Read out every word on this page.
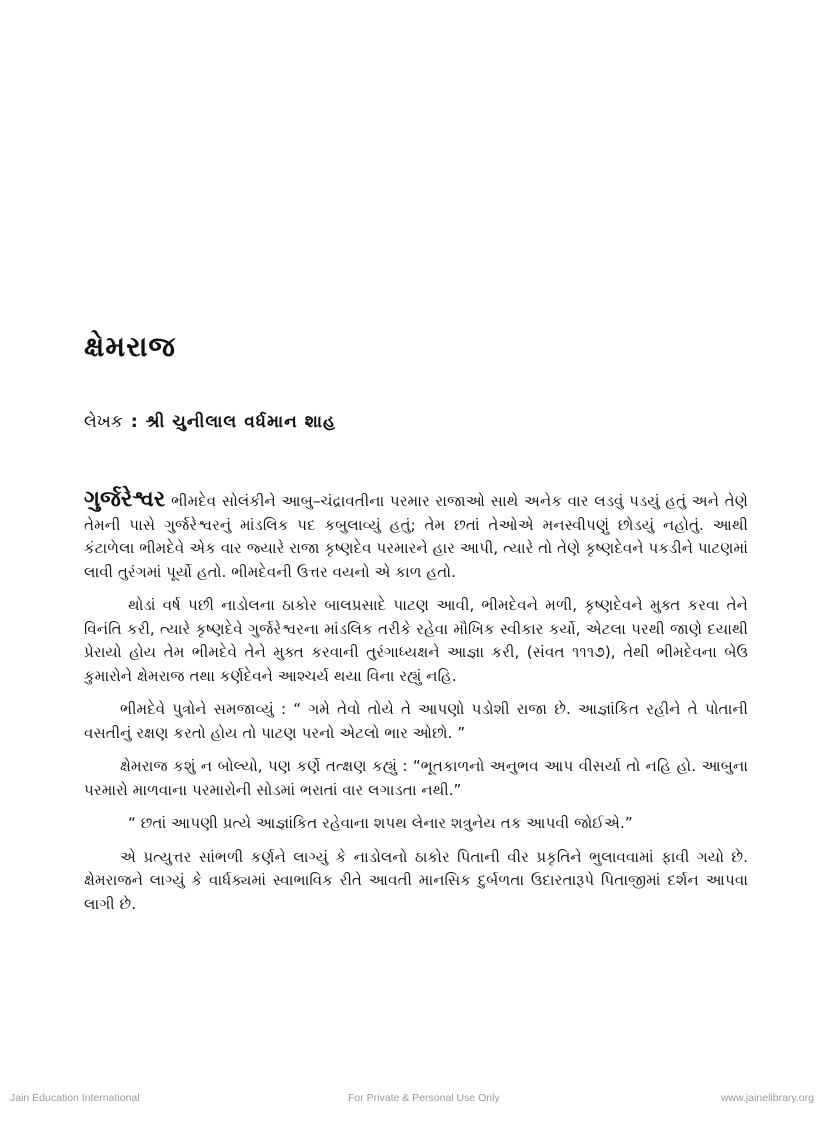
ક્ષેમરાજ
લેખક : શ્રી ચુનીલાલ વર્ધમાન શાહ

ગુર્જરેશ્વર ભીમદેવ સોલંકીને આબુ–ચંદ્રાવતીના પરમાર રાજાઓ સાથે અનેક વાર લડવું પડયું હતું અને તેણે તેમની પાસે ગુર્જરેશ્વરનું માંડલિક પદ કબુલાવ્યું હતું; તેમ છતાં તેઓએ મનસ્વીપણું છોડયું નહોતું. આથી કંટાળેલા ભીમદેવે એક વાર જ્યારે રાજા કૃષ્ણદેવ પરમારને હાર આપી, ત્યારે તો તેણે કૃષ્ણદેવને પકડીને પાટણમાં લાવી તુરંગમાં પૂર્યો હતો. ભીમદેવની ઉત્તર વયનો એ કાળ હતો.

થોડાં વર્ષ પછી નાડોલના ઠાકોર બાલપ્રસાદે પાટણ આવી, ભીમદેવને મળી, કૃષ્ણદેવને મુક્ત કરવા તેને વિનંતિ કરી, ત્યારે કૃષ્ણદેવે ગુર્જરેશ્વરના માંડલિક તરીકે રહેવા મૌખિક સ્વીકાર કર્યો, એટલા પરથી જાણે દયાથી પ્રેરાયો હોય તેમ ભીમદેવે તેને મુક્ત કરવાની તુરંગાધ્યક્ષને આજ્ઞા કરી, (સંવત ૧૧૧૭), તેથી ભીમદેવના બેઉ કુમારોને ક્ષેમરાજ તથા કર્ણદેવને આશ્ચર્ય થયા વિના રહ્યું નહિ.

ભીમદેવે પુત્રોને સમજાવ્યું : “ ગમે તેવો તોયે તે આપણો પડોશી રાજા છે. આજ્ઞાંકિત રહીને તે પોતાની વસતીનું રક્ષણ કરતો હોય તો પાટણ પરનો એટલો ભાર ઓછો. ”

ક્ષેમરાજ કશું ન બોલ્યો, પણ કર્ણે તત્ક્ષણ કહ્યું : “ભૂતકાળનો અનુભવ આપ વીસર્યા તો નહિ હો. આબુના પરમારો માળવાના પરમારોની સોડમાં ભરાતાં વાર લગાડતા નથી.”

“ છતાં આપણી પ્રત્યે આજ્ઞાંકિત રહેવાના શપથ લેનાર શત્રુનેય તક આપવી જોઈએ.”

એ પ્રત્યુત્તર સાંભળી કર્ણને લાગ્યું કે નાડોલનો ઠાકોર પિતાની વીર પ્રકૃતિને ભુલાવવામાં ફાવી ગયો છે. ક્ષેમરાજને લાગ્યું કે વાર્ધક્યમાં સ્વાભાવિક રીતે આવતી માનસિક દુર્બળતા ઉદારતારૂપે પિતાજીમાં દર્શન આપવા લાગી છે.

Jain Education International	For Private & Personal Use Only	www.jainelibrary.org
